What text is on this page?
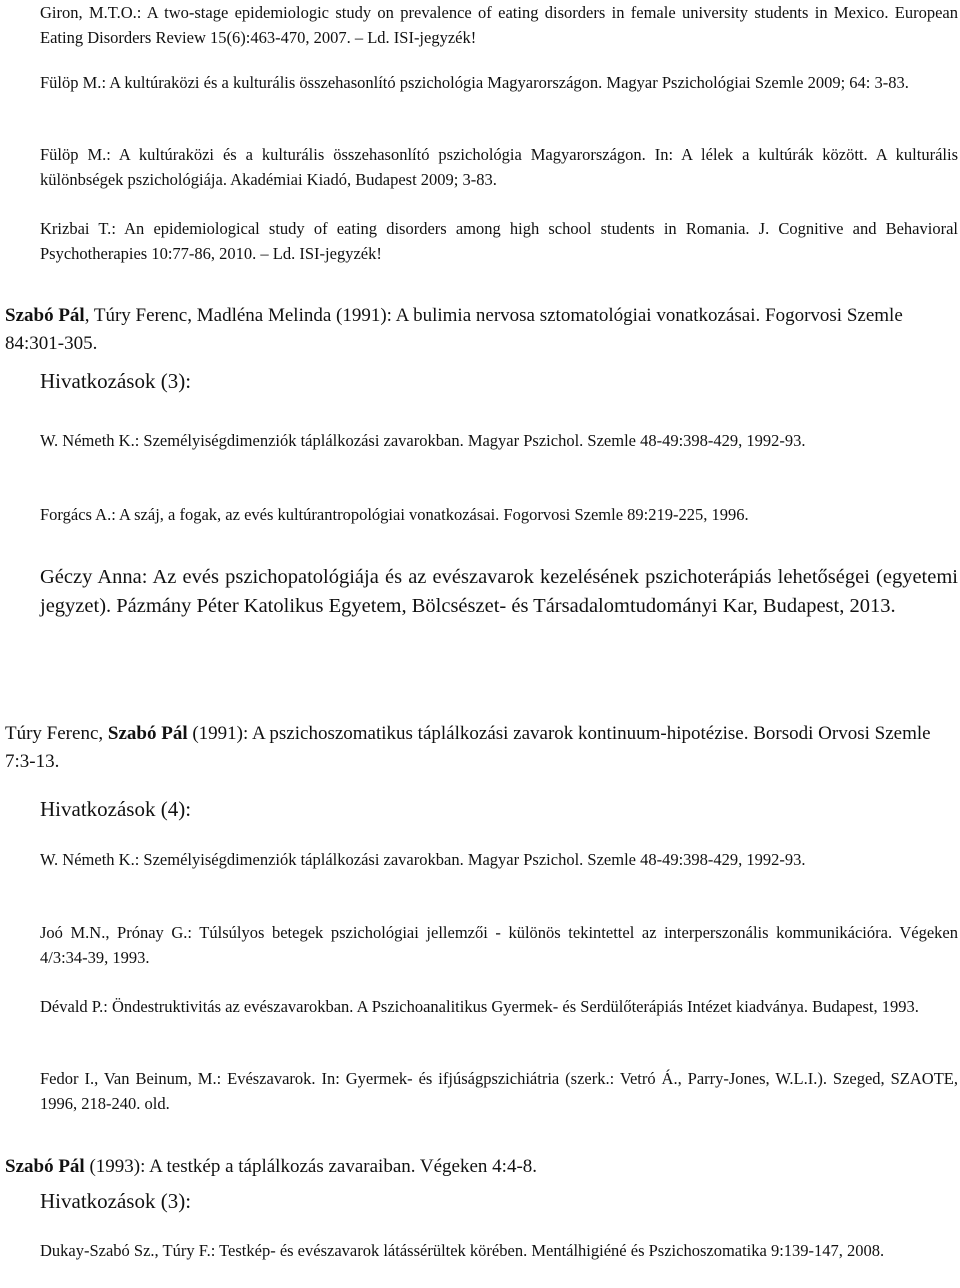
Giron, M.T.O.: A two-stage epidemiologic study on prevalence of eating disorders in female university students in Mexico. European Eating Disorders Review 15(6):463-470, 2007. – Ld. ISI-jegyzék!
Fülöp M.: A kultúraközi és a kulturális összehasonlító pszichológia Magyarországon. Magyar Pszichológiai Szemle 2009; 64: 3-83.
Fülöp M.: A kultúraközi és a kulturális összehasonlító pszichológia Magyarországon. In: A lélek a kultúrák között. A kulturális különbségek pszichológiája. Akadémiai Kiadó, Budapest 2009; 3-83.
Krizbai T.: An epidemiological study of eating disorders among high school students in Romania. J. Cognitive and Behavioral Psychotherapies 10:77-86, 2010. – Ld. ISI-jegyzék!
Szabó Pál, Túry Ferenc, Madléna Melinda (1991): A bulimia nervosa sztomatológiai vonatkozásai. Fogorvosi Szemle 84:301-305.
Hivatkozások (3):
W. Németh K.: Személyiségdimenziók táplálkozási zavarokban. Magyar Pszichol. Szemle 48-49:398-429, 1992-93.
Forgács A.: A száj, a fogak, az evés kultúrantropológiai vonatkozásai. Fogorvosi Szemle 89:219-225, 1996.
Géczy Anna: Az evés pszichopatológiája és az evészavarok kezelésének pszichoterápiás lehetőségei (egyetemi jegyzet). Pázmány Péter Katolikus Egyetem, Bölcsészet- és Társadalomtudományi Kar, Budapest, 2013.
Túry Ferenc, Szabó Pál (1991): A pszichoszomatikus táplálkozási zavarok kontinuum-hipotézise. Borsodi Orvosi Szemle 7:3-13.
Hivatkozások (4):
W. Németh K.: Személyiségdimenziók táplálkozási zavarokban. Magyar Pszichol. Szemle 48-49:398-429, 1992-93.
Joó M.N., Prónay G.: Túlsúlyos betegek pszichológiai jellemzői - különös tekintettel az interperszonális kommunikációra. Végeken 4/3:34-39, 1993.
Dévald P.: Öndestruktivitás az evészavarokban. A Pszichoanalitikus Gyermek- és Serdülőterápiás Intézet kiadványa. Budapest, 1993.
Fedor I., Van Beinum, M.: Evészavarok. In: Gyermek- és ifjúságpszichiátria (szerk.: Vetró Á., Parry-Jones, W.L.I.). Szeged, SZAOTE, 1996, 218-240. old.
Szabó Pál (1993): A testkép a táplálkozás zavaraiban. Végeken 4:4-8.
Hivatkozások (3):
Dukay-Szabó Sz., Túry F.: Testkép- és evészavarok látássérültek körében. Mentálhigiéné és Pszichoszomatika 9:139-147, 2008.
